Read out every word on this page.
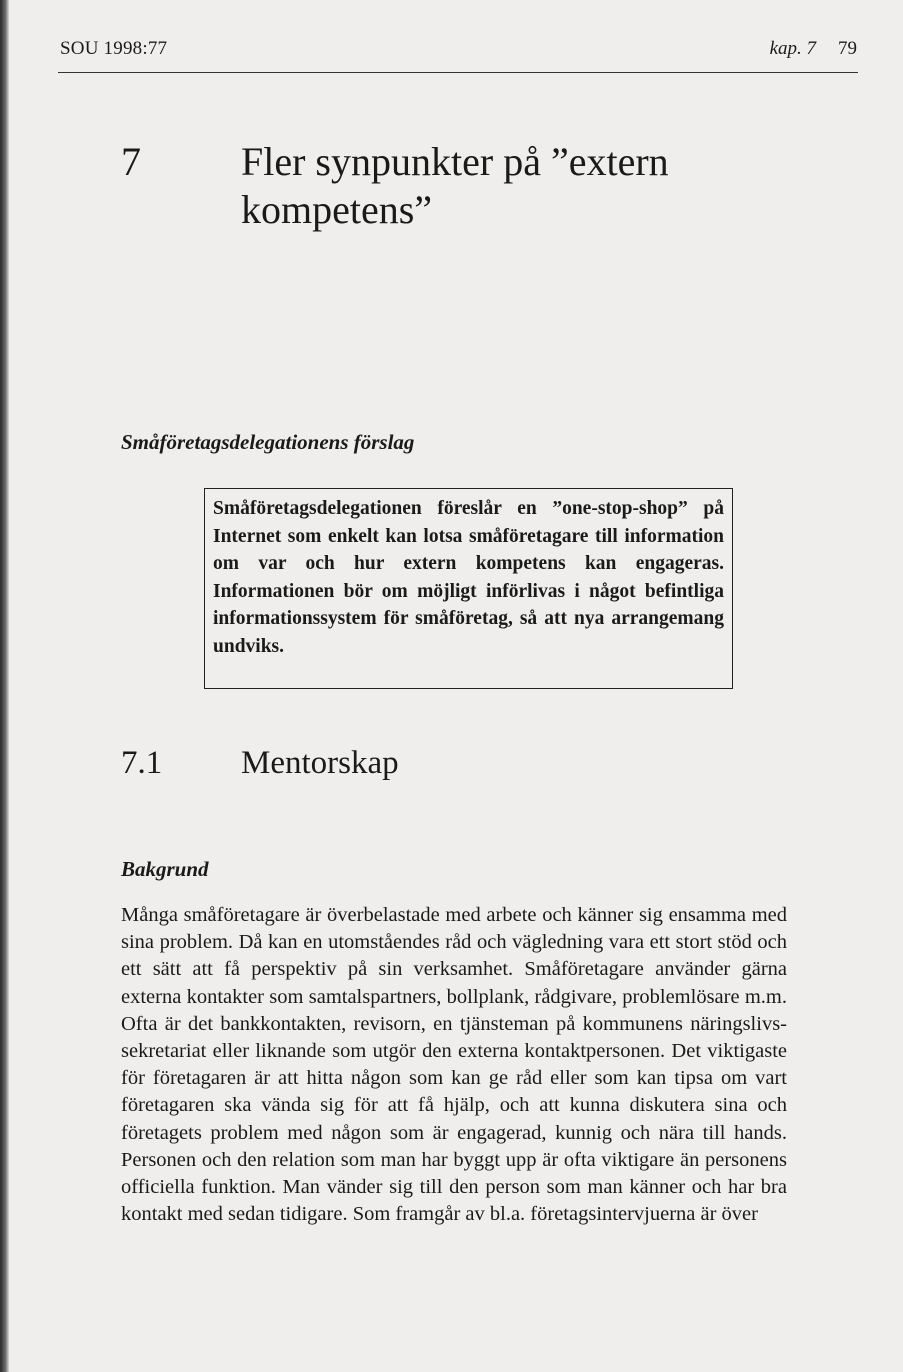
SOU 1998:77	kap. 7 79
7	Fler synpunkter på ”extern kompetens”
Småföretagsdelegationens förslag
Småföretagsdelegationen föreslår en ”one-stop-shop” på Internet som enkelt kan lotsa småföretagare till information om var och hur extern kompetens kan engageras. Informationen bör om möjligt införlivas i något befintliga informationssystem för småföretag, så att nya arrangemang undviks.
7.1 Mentorskap
Bakgrund
Många småföretagare är överbelastade med arbete och känner sig ensamma med sina problem. Då kan en utomståendes råd och vägledning vara ett stort stöd och ett sätt att få perspektiv på sin verksamhet. Småföretagare använder gärna externa kontakter som samtalspartners, bollplank, rådgivare, problemlösare m.m. Ofta är det bankkontakten, revisorn, en tjänsteman på kommunens näringslivs-sekretariat eller liknande som utgör den externa kontaktpersonen. Det viktigaste för företagaren är att hitta någon som kan ge råd eller som kan tipsa om vart företagaren ska vända sig för att få hjälp, och att kunna diskutera sina och företagets problem med någon som är engagerad, kunnig och nära till hands. Personen och den relation som man har byggt upp är ofta viktigare än personens officiella funktion. Man vänder sig till den person som man känner och har bra kontakt med sedan tidigare. Som framgår av bl.a. företagsintervjuerna är över
